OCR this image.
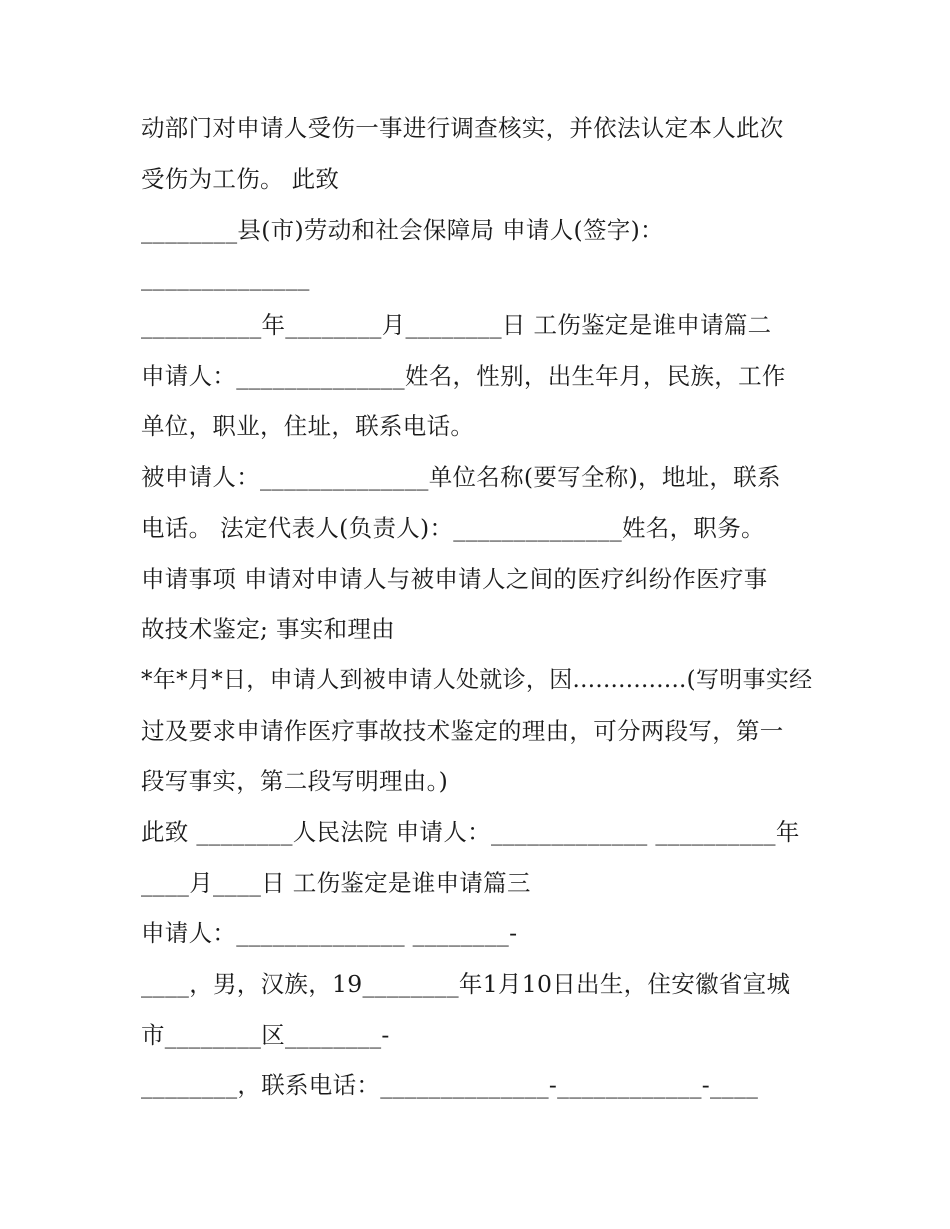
动部门对申请人受伤一事进行调查核实，并依法认定本人此次
受伤为工伤。 此致
________县(市)劳动和社会保障局 申请人(签字)：
______________
__________年________月________日 工伤鉴定是谁申请篇二
申请人：______________姓名，性别，出生年月，民族，工作
单位，职业，住址，联系电话。
被申请人：______________单位名称(要写全称)，地址，联系
电话。 法定代表人(负责人)：______________姓名，职务。
申请事项 申请对申请人与被申请人之间的医疗纠纷作医疗事
故技术鉴定; 事实和理由
*年*月*日，申请人到被申请人处就诊，因...............(写明事实经
过及要求申请作医疗事故技术鉴定的理由，可分两段写，第一
段写事实，第二段写明理由。)
此致 ________人民法院 申请人：_____________ __________年
____月____日 工伤鉴定是谁申请篇三
申请人：______________ ________-
____，男，汉族，19________年1月10日出生，住安徽省宣城
市________区________-
________，联系电话：______________-____________-____
